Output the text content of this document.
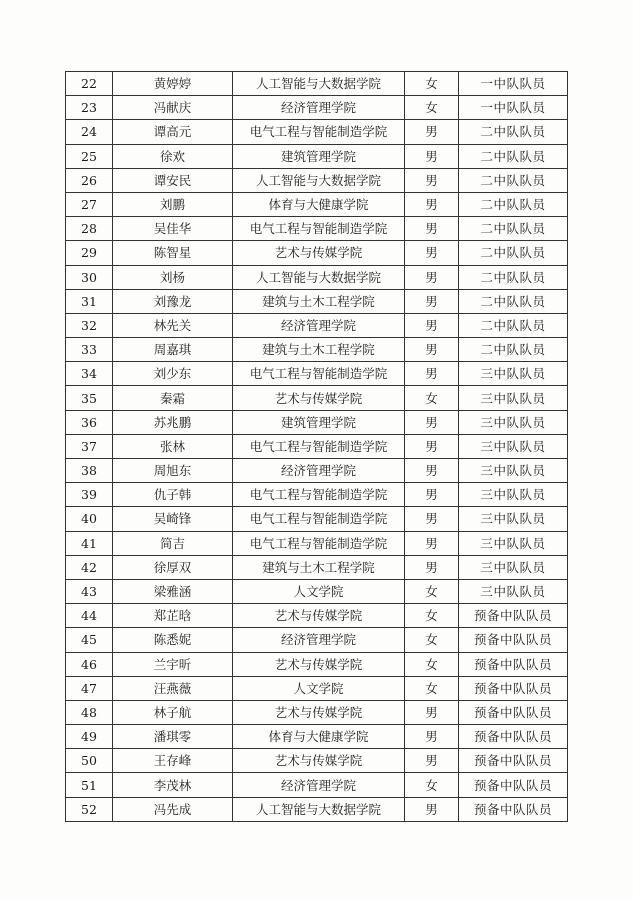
22	黄婷婷	人工智能与大数据学院	女	一中队队员
23	冯献庆	经济管理学院	女	一中队队员
24	谭高元	电气工程与智能制造学院	男	二中队队员
25	徐欢	建筑管理学院	男	二中队队员
26	谭安民	人工智能与大数据学院	男	二中队队员
27	刘鹏	体育与大健康学院	男	二中队队员
28	吴佳华	电气工程与智能制造学院	男	二中队队员
29	陈智星	艺术与传媒学院	男	二中队队员
30	刘杨	人工智能与大数据学院	男	二中队队员
31	刘豫龙	建筑与土木工程学院	男	二中队队员
32	林先关	经济管理学院	男	二中队队员
33	周嘉琪	建筑与土木工程学院	男	二中队队员
34	刘少东	电气工程与智能制造学院	男	三中队队员
35	秦霜	艺术与传媒学院	女	三中队队员
36	苏兆鹏	建筑管理学院	男	三中队队员
37	张林	电气工程与智能制造学院	男	三中队队员
38	周旭东	经济管理学院	男	三中队队员
39	仇子韩	电气工程与智能制造学院	男	三中队队员
40	吴崎锋	电气工程与智能制造学院	男	三中队队员
41	简吉	电气工程与智能制造学院	男	三中队队员
42	徐厚双	建筑与土木工程学院	男	三中队队员
43	梁雅涵	人文学院	女	三中队队员
44	郑芷晗	艺术与传媒学院	女	预备中队队员
45	陈悉妮	经济管理学院	女	预备中队队员
46	兰宇昕	艺术与传媒学院	女	预备中队队员
47	汪燕薇	人文学院	女	预备中队队员
48	林子航	艺术与传媒学院	男	预备中队队员
49	潘琪零	体育与大健康学院	男	预备中队队员
50	王存峰	艺术与传媒学院	男	预备中队队员
51	李茂林	经济管理学院	女	预备中队队员
52	冯先成	人工智能与大数据学院	男	预备中队队员
